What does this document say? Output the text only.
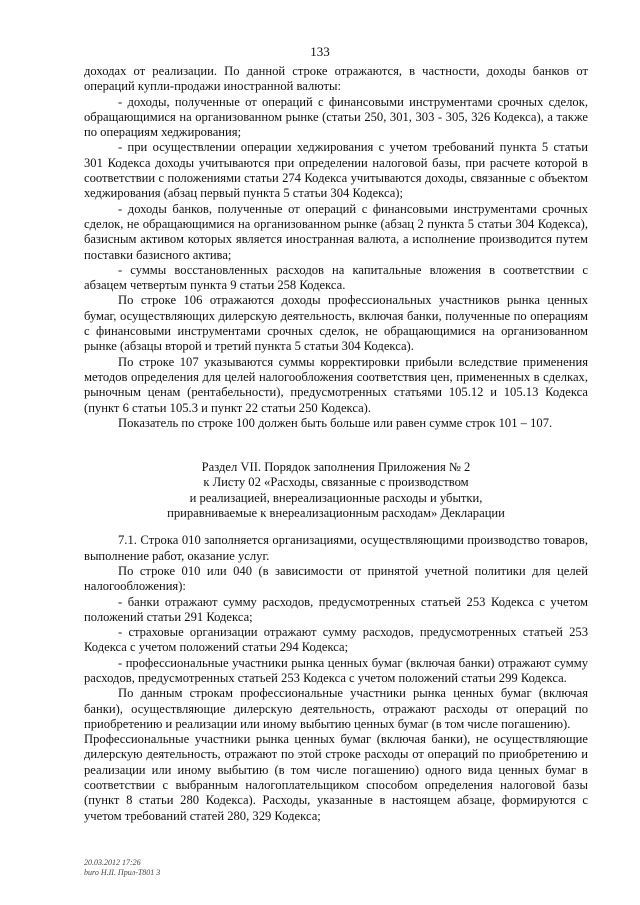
133

доходах от реализации. По данной строке отражаются, в частности, доходы банков от операций купли-продажи иностранной валюты:

- доходы, полученные от операций с финансовыми инструментами срочных сделок, обращающимися на организованном рынке (статьи 250, 301, 303 - 305, 326 Кодекса), а также по операциям хеджирования;

- при осуществлении операции хеджирования с учетом требований пункта 5 статьи 301 Кодекса доходы учитываются при определении налоговой базы, при расчете которой в соответствии с положениями статьи 274 Кодекса учитываются доходы, связанные с объектом хеджирования (абзац первый пункта 5 статьи 304 Кодекса);

- доходы банков, полученные от операций с финансовыми инструментами срочных сделок, не обращающимися на организованном рынке (абзац 2 пункта 5 статьи 304 Кодекса), базисным активом которых является иностранная валюта, а исполнение производится путем поставки базисного актива;

- суммы восстановленных расходов на капитальные вложения в соответствии с абзацем четвертым пункта 9 статьи 258 Кодекса.

По строке 106 отражаются доходы профессиональных участников рынка ценных бумаг, осуществляющих дилерскую деятельность, включая банки, полученные по операциям с финансовыми инструментами срочных сделок, не обращающимися на организованном рынке (абзацы второй и третий пункта 5 статьи 304 Кодекса).

По строке 107 указываются суммы корректировки прибыли вследствие применения методов определения для целей налогообложения соответствия цен, примененных в сделках, рыночным ценам (рентабельности), предусмотренных статьями 105.12 и 105.13 Кодекса (пункт 6 статьи 105.3 и пункт 22 статьи 250 Кодекса).

Показатель по строке 100 должен быть больше или равен сумме строк 101 – 107.

Раздел VII. Порядок заполнения Приложения № 2
к Листу 02 «Расходы, связанные с производством
и реализацией, внереализационные расходы и убытки,
приравниваемые к внереализационным расходам» Декларации

7.1. Строка 010 заполняется организациями, осуществляющими производство товаров, выполнение работ, оказание услуг.

По строке 010 или 040 (в зависимости от принятой учетной политики для целей налогообложения):

- банки отражают сумму расходов, предусмотренных статьей 253 Кодекса с учетом положений статьи 291 Кодекса;

- страховые организации отражают сумму расходов, предусмотренных статьей 253 Кодекса с учетом положений статьи 294 Кодекса;

- профессиональные участники рынка ценных бумаг (включая банки) отражают сумму расходов, предусмотренных статьей 253 Кодекса с учетом положений статьи 299 Кодекса.

По данным строкам профессиональные участники рынка ценных бумаг (включая банки), осуществляющие дилерскую деятельность, отражают расходы от операций по приобретению и реализации или иному выбытию ценных бумаг (в том числе погашению).

Профессиональные участники рынка ценных бумаг (включая банки), не осуществляющие дилерскую деятельность, отражают по этой строке расходы от операций по приобретению и реализации или иному выбытию (в том числе погашению) одного вида ценных бумаг в соответствии с выбранным налогоплательщиком способом определения налоговой базы (пункт 8 статьи 280 Кодекса). Расходы, указанные в настоящем абзаце, формируются с учетом требований статей 280, 329 Кодекса;

20.03.2012 17:26
buro H.II. Прил-Т801 3
